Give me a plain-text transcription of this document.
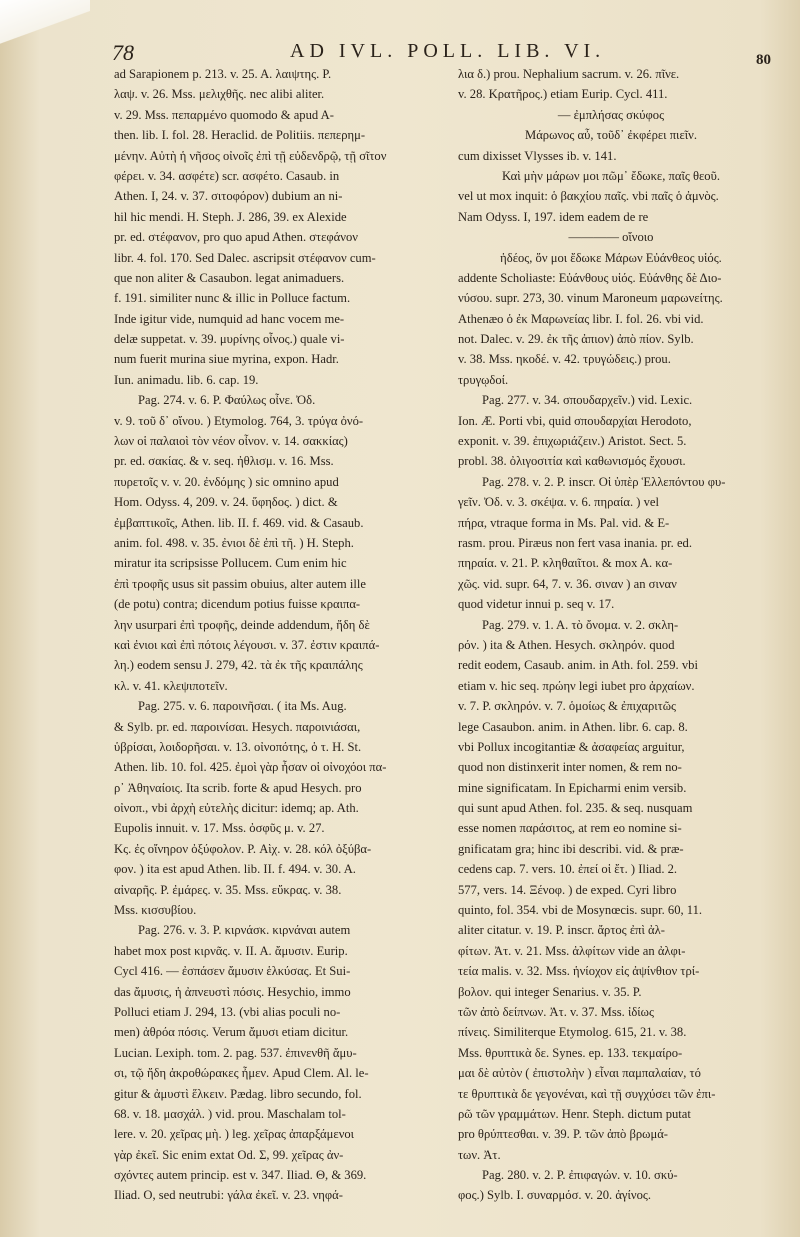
78	AD IVL. POLL. LIB. VI.	80
ad Sarapionem p. 213. v. 25. A. λαιψτης. P.
λαψ. v. 26. Mss. μελιχθῆς. nec alibi aliter.
v. 29. Mss. πεπαρμένο quomodo & apud A-
then. lib. I. fol. 28. Heraclid. de Politiis. πεπερημ-
μένην. Αὐτὴ ἡ νῆσος οἰνοῖς ἐπὶ τῇ εὐδενδρῷ, τῇ σῖτον
φέρει. v. 34. ασφέτε) scr. ασφέτο. Casaub. in
Athen. I, 24. v. 37. σιτοφόρον) dubium an ni-
hil hic mendi. H. Steph. J. 286, 39. ex Alexide
pr. ed. στέφανον, pro quo apud Athen. στεφάνον
libr. 4. fol. 170. Sed Dalec. ascripsit στέφανον cum-
que non aliter & Casaubon. legat animaduers.
f. 191. similiter nunc & illic in Polluce factum.
Inde igitur vide, numquid ad hanc vocem me-
delæ suppetat. v. 39. μυρίνης οἶνος.) quale vi-
num fuerit murina siue myrina, expon. Hadr.
Iun. animadu. lib. 6. cap. 19.
Pag. 274. v. 6. P. Φαύλως οἶνε. Ὀδ.
v. 9. τοῦ δ᾽ οἴνου. ) Etymolog. 764, 3. τρύγα ὀνό-
λων οἱ παλαιοὶ τὸν νέον οἶνον. v. 14. σακκίας)
pr. ed. σακίας. & v. seq. ἠθλισμ. v. 16. Mss.
πυρετοῖς v. v. 20. ἐνδόμης ) sic omnino apud
Hom. Odyss. 4, 209. v. 24. ὕφηδος. ) dict. &
ἐμβαπτικοῖς, Athen. lib. II. f. 469. vid. & Casaub.
anim. fol. 498. v. 35. ἐνιοι δὲ ἐπὶ τῆ. ) H. Steph.
miratur ita scripsisse Pollucem. Cum enim hic
ἐπὶ τροφῆς usus sit passim obuius, alter autem ille
(de potu) contra; dicendum potius fuisse κραιπα-
λην usurpari ἐπὶ τροφῆς, deinde addendum, ἤδη δὲ
καὶ ἐνιοι καὶ ἐπὶ πότοις λέγουσι. v. 37. ἐστιν κραιπά-
λη.) eodem sensu J. 279, 42. τὰ ἐκ τῆς κραιπάλης
κλ. v. 41. κλεψιποτεῖν.
Pag. 275. v. 6. παροινῆσαι. ( ita Ms. Aug.
& Sylb. pr. ed. παροινίσαι. Hesych. παροινιάσαι,
ὑβρίσαι, λοιδορῆσαι. v. 13. οἰνοπότης, ὁ τ. H. St.
Athen. lib. 10. fol. 425. ἐμοὶ γὰρ ἦσαν οἱ οἰνοχόοι πα-
ρ᾽ Ἀθηναίοις. Ita scrib. forte & apud Hesych. pro
οἰνοπ., vbi ἀρχὴ εὐτελὴς dicitur: idemq; ap. Ath.
Eupolis innuit. v. 17. Mss. ὀσφῦς μ. v. 27.
Κς. ἐς οἴνηρον ὀξύφολον. P. Αὶχ. v. 28. κόλ ὀξύβα-
φον. ) ita est apud Athen. lib. II. f. 494. v. 30. A.
αἰναρῆς. P. ἐμάρες. v. 35. Mss. εὔκρας. v. 38.
Mss. κισσυβίου.
Pag. 276. v. 3. P. κιρνάσκ. κιρνάναι autem
habet mox post κιρνᾶς. v. II. A. ἄμυσιν. Eurip.
Cycl 416. — ἐσπάσεν ἄμυσιν ἑλκύσας. Et Sui-
das ἄμυσις, ἡ ἀπνευστὶ πόσις. Hesychio, immo
Polluci etiam J. 294, 13. (vbi alias poculi no-
men) ἀθρόα πόσις. Verum ἄμυσι etiam dicitur.
Lucian. Lexiph. tom. 2. pag. 537. ἐπινενθῆ ἄμυ-
σι, τῷ ἤδη ἀκροθώρακες ἦμεν. Apud Clem. Al. le-
gitur & ἀμυστὶ ἕλκειν. Pædag. libro secundo, fol.
68. v. 18. μασχάλ. ) vid. prou. Maschalam tol-
lere. v. 20. χεῖρας μὴ. ) leg. χεῖρας ἀπαρξάμενοι
γὰρ ἐκεῖ. Sic enim extat Od. Σ, 99. χεῖρας ἀν-
σχόντες autem princip. est v. 347. Iliad. Θ, & 369.
Iliad. Ο, sed neutrubi: γάλα ἐκεῖ. v. 23. νηφά-
λια δ.) prou. Nephalium sacrum. v. 26. πῖνε.
v. 28. Κρατῆρος.) etiam Eurip. Cycl. 411.
— ἐμπλήσας σκύφος
Μάρωνος αὖ, τοῦδ᾽ ἐκφέρει πιεῖν.
cum dixisset Vlysses ib. v. 141.
Καὶ μὴν μάρων μοι πῶμ᾽ ἔδωκε, παῖς θεοῦ.
vel ut mox inquit: ὁ βακχίου παῖς. vbi παῖς ὁ ἀμνὸς.
Nam Odyss. I, 197. idem eadem de re
———— οἴνοιο
ἡδέος, ὅν μοι ἔδωκε Μάρων Εὐάνθεος υἱός.
addente Scholiaste: Εὐάνθους υἱός. Εὐάνθης δὲ Διο-
νύσου. supr. 273, 30. vinum Maroneum μαρωνείτης.
Athenæo ὁ ἐκ Μαρωνείας libr. I. fol. 26. vbi vid.
not. Dalec. v. 29. ἐκ τῆς ἀπιον) ἀπὸ πίον. Sylb.
v. 38. Mss. ηκοδέ. v. 42. τρυγώδεις.) prou.
τρυγῳδοί.
Pag. 277. v. 34. σπουδαρχεῖν.) vid. Lexic.
Ion. Æ. Porti vbi, quid σπουδαρχίαι Herodoto,
exponit. v. 39. ἐπιχωριάζειν.) Aristot. Sect. 5.
probl. 38. ὀλιγοσιτία καὶ καθωνισμός ἔχουσι.
Pag. 278. v. 2. P. inscr. Οἱ ὑπὲρ Ἑλλεπόντου φυ-
γεῖν. Ὀδ. v. 3. σκέψα. v. 6. πηραία. ) vel
πήρα, vtraque forma in Ms. Pal. vid. & E-
rasm. prou. Piræus non fert vasa inania. pr. ed.
πηραία. v. 21. P. κληθαιῖτοι. & mox A. κα-
χῶς. vid. supr. 64, 7. v. 36. σιναν ) an σιναν
quod videtur innui p. seq v. 17.
Pag. 279. v. 1. A. τὸ ὄνομα. v. 2. σκλη-
ρόν. ) ita & Athen. Hesych. σκληρόν. quod
redit eodem, Casaub. anim. in Ath. fol. 259. vbi
etiam v. hic seq. πρώην legi iubet pro ἀρχαίων.
v. 7. P. σκληρόν. v. 7. ὁμοίως & ἐπιχαριτῶς
lege Casaubon. anim. in Athen. libr. 6. cap. 8.
vbi Pollux incogitantiæ & ἀσαφείας arguitur,
quod non distinxerit inter nomen, & rem no-
mine significatam. In Epicharmi enim versib.
qui sunt apud Athen. fol. 235. & seq. nusquam
esse nomen παράσιτος, at rem eo nomine si-
gnificatam gra; hinc ibi describi. vid. & præ-
cedens cap. 7. vers. 10. ἐπεί οἱ ἔτ. ) Iliad. 2.
577, vers. 14. Ξένοφ. ) de exped. Cyri libro
quinto, fol. 354. vbi de Mosynœcis. supr. 60, 11.
aliter citatur. v. 19. P. inscr. ἄρτος ἐπὶ ἀλ-
φίτων. Ἀτ. v. 21. Mss. ἀλφίτων vide an ἀλφι-
τεία malis. v. 32. Mss. ἡνίοχον εἰς ἀψίνθιον τρί-
βολον. qui integer Senarius. v. 35. P.
τῶν ἀπὸ δείπνων. Ἀτ. v. 37. Mss. ἰδίως
πίνεις. Similiterque Etymolog. 615, 21. v. 38.
Mss. θρυπτικὰ δε. Synes. ep. 133. τεκμαίρο-
μαι δὲ αὐτὸν ( ἐπιστολὴν ) εἶναι παμπαλαίαν, τό
τε θρυπτικὰ δε γεγονέναι, καὶ τῇ συγχύσει τῶν ἐπι-
ρῶ τῶν γραμμάτων. Henr. Steph. dictum putat
pro θρύπτεσθαι. v. 39. P. τῶν ἀπὸ βρωμά-
των. Ἀτ.
Pag. 280. v. 2. P. ἐπιφαγών. v. 10. σκύ-
φος.) Sylb. I. συναρμόσ. v. 20. ἀγίνος.
